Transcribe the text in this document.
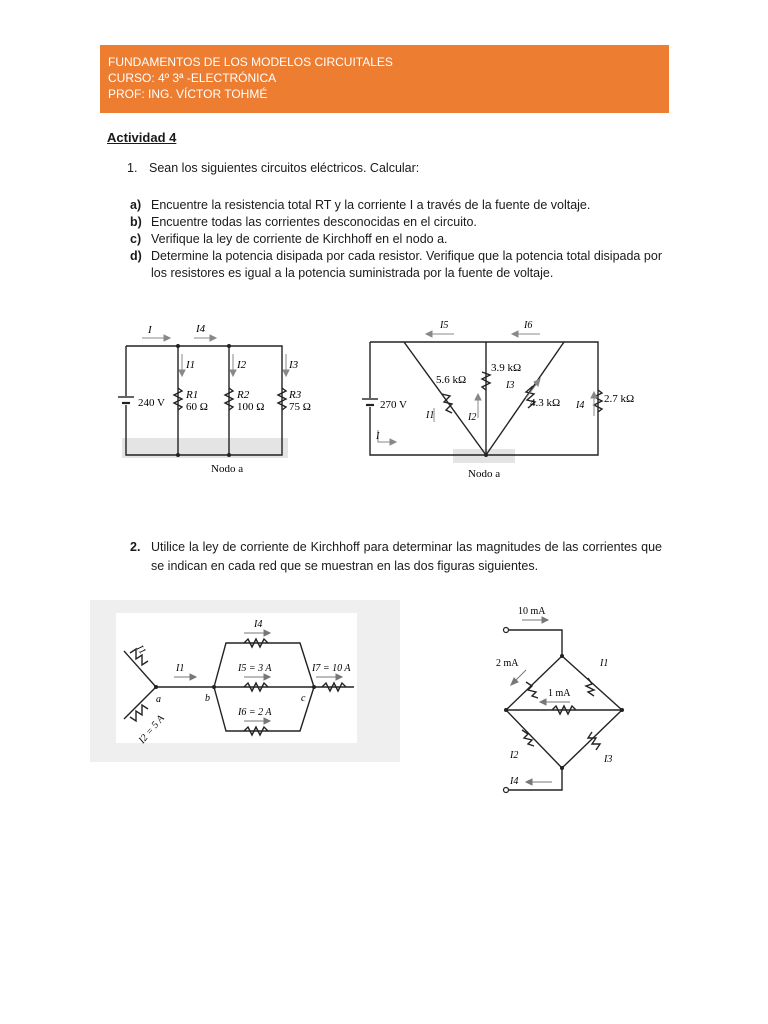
FUNDAMENTOS DE LOS MODELOS CIRCUITALES
CURSO: 4º 3ª -ELECTRÓNICA
PROF: ING. VÍCTOR TOHMÉ
Actividad 4
1. Sean los siguientes circuitos eléctricos. Calcular:
a) Encuentre la resistencia total RT y la corriente I a través de la fuente de voltaje.
b) Encuentre todas las corrientes desconocidas en el circuito.
c) Verifique la ley de corriente de Kirchhoff en el nodo a.
d) Determine la potencia disipada por cada resistor. Verifique que la potencia total disipada por los resistores es igual a la potencia suministrada por la fuente de voltaje.
I	I4
I1	I2	I3
240 V
R1
60 Ω
R2
100 Ω
R3
75 Ω
Nodo a
I5	I6
3.9 kΩ
5.6 kΩ	I3
4.3 kΩ	2.7 kΩ
I4
270 V
I1	I2
I
Nodo a
2. Utilice la ley de corriente de Kirchhoff para determinar las magnitudes de las corrientes que se indican en cada red que se muestran en las dos figuras siguientes.
I4
I5 = 3 A
I6 = 2 A
I7 = 10 A
I1
I1
I2 = 5 A
a	b	c
10 mA
2 mA
1 mA
I1
I2	I3
I4
